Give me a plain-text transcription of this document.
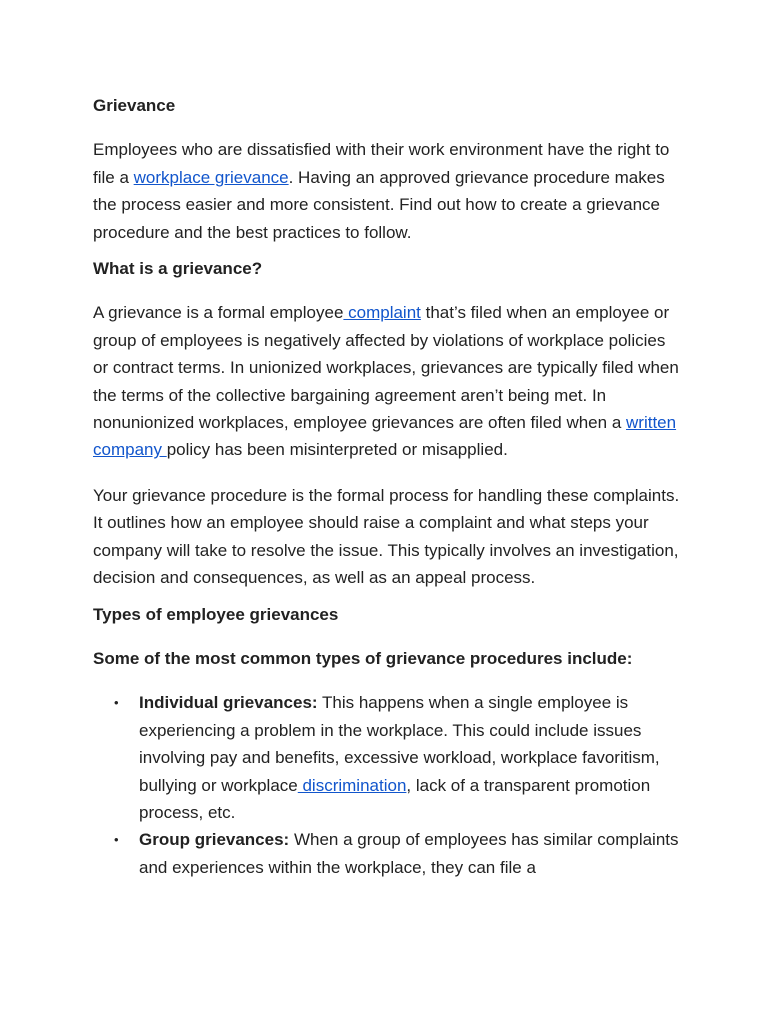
Grievance

Employees who are dissatisfied with their work environment have the right to file a workplace grievance. Having an approved grievance procedure makes the process easier and more consistent. Find out how to create a grievance procedure and the best practices to follow.

What is a grievance?

A grievance is a formal employee complaint that’s filed when an employee or group of employees is negatively affected by violations of workplace policies or contract terms. In unionized workplaces, grievances are typically filed when the terms of the collective bargaining agreement aren’t being met. In nonunionized workplaces, employee grievances are often filed when a written company policy has been misinterpreted or misapplied.

Your grievance procedure is the formal process for handling these complaints. It outlines how an employee should raise a complaint and what steps your company will take to resolve the issue. This typically involves an investigation, decision and consequences, as well as an appeal process.

Types of employee grievances

Some of the most common types of grievance procedures include:

• Individual grievances: This happens when a single employee is experiencing a problem in the workplace. This could include issues involving pay and benefits, excessive workload, workplace favoritism, bullying or workplace discrimination, lack of a transparent promotion process, etc.
• Group grievances: When a group of employees has similar complaints and experiences within the workplace, they can file a
